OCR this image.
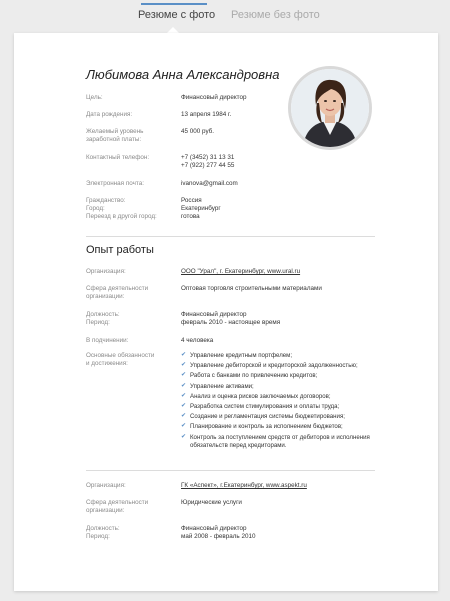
Резюме с фото Резюме без фото
Любимова Анна Александровна
Цель:	Финансовый директор
Дата рождения:	13 апреля 1984 г.
Желаемый уровень
заработной платы:
45 000 руб.
Контактный телефон:	+7 (3452) 31 13 31
+7 (922) 277 44 55
Электронная почта:	ivanova@gmail.com
Гражданство:	Россия
Город:	Екатеринбург
Переезд в другой город:	готова
Опыт работы
Организация:	ООО "Урал", г. Екатеринбург, www.ural.ru
Сфера деятельности
организации:
Оптовая торговля строительными материалами
Должность:	Финансовый директор
Период:	февраль 2010 - настоящее время
В подчинении:	4 человека
Основные обязанности
и достижения:
✔ Управление кредитным портфелем;
✔ Управление дебиторской и кредиторской задолженностью;
✔ Работа с банками по привлечению кредитов;
✔ Управление активами;
✔ Анализ и оценка рисков заключаемых договоров;
✔ Разработка систем стимулирования и оплаты труда;
✔ Создание и регламентация системы бюджетирования;
✔ Планирование и контроль за исполнением бюджетов;
✔ Контроль за поступлением средств от дебиторов и исполнения обязательств перед кредиторами.
Организация:	ГК «Аспект», г.Екатеринбург, www.aspekt.ru
Сфера деятельности
организации:
Юридические услуги
Должность:	Финансовый директор
Период:	май 2008 - февраль 2010
